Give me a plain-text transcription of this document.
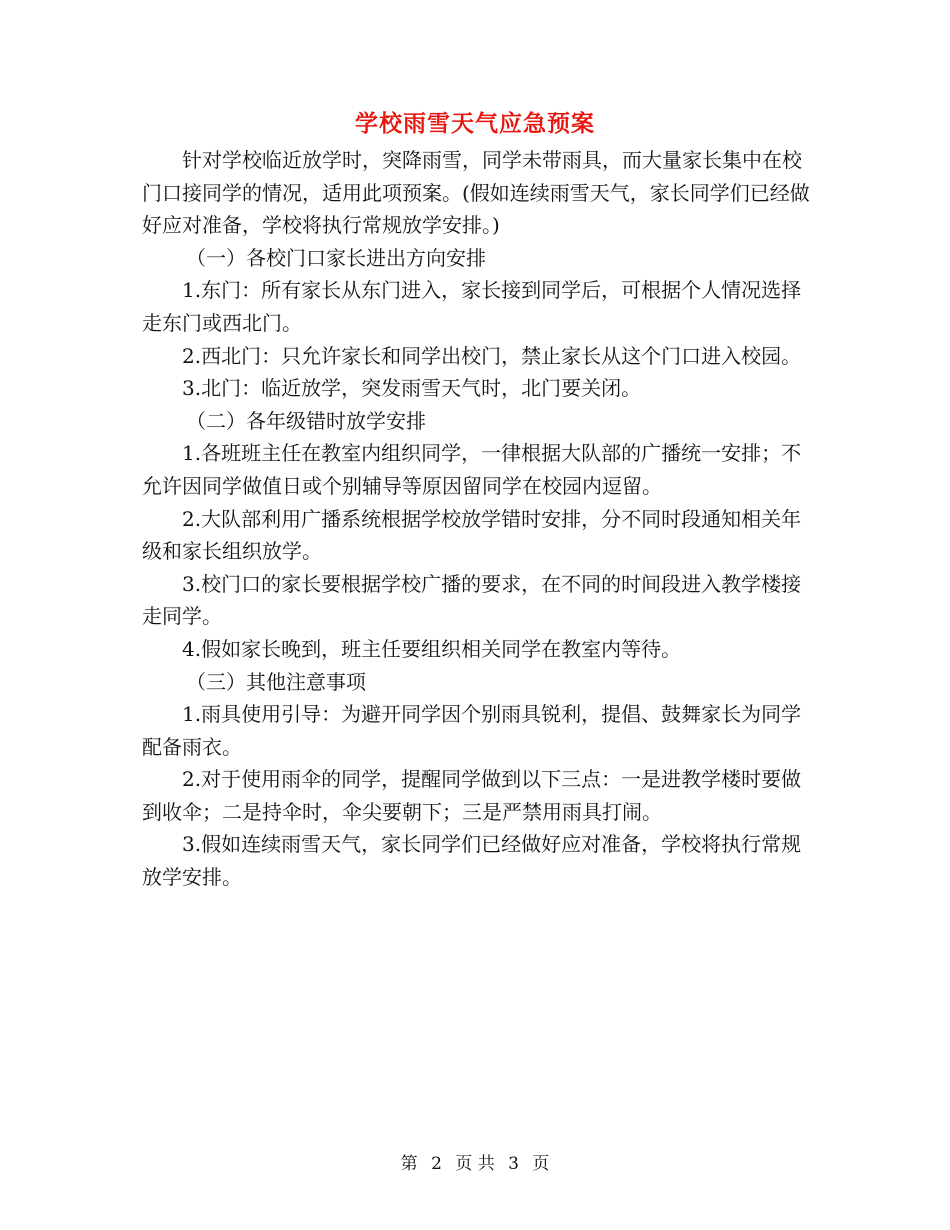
学校雨雪天气应急预案

针对学校临近放学时，突降雨雪，同学未带雨具，而大量家长集中在校门口接同学的情况，适用此项预案。(假如连续雨雪天气，家长同学们已经做好应对准备，学校将执行常规放学安排。)

（一）各校门口家长进出方向安排

1.东门：所有家长从东门进入，家长接到同学后，可根据个人情况选择走东门或西北门。

2.西北门：只允许家长和同学出校门，禁止家长从这个门口进入校园。

3.北门：临近放学，突发雨雪天气时，北门要关闭。

（二）各年级错时放学安排

1.各班班主任在教室内组织同学，一律根据大队部的广播统一安排；不允许因同学做值日或个别辅导等原因留同学在校园内逗留。

2.大队部利用广播系统根据学校放学错时安排，分不同时段通知相关年级和家长组织放学。

3.校门口的家长要根据学校广播的要求，在不同的时间段进入教学楼接走同学。

4.假如家长晚到，班主任要组织相关同学在教室内等待。

（三）其他注意事项

1.雨具使用引导：为避开同学因个别雨具锐利，提倡、鼓舞家长为同学配备雨衣。

2.对于使用雨伞的同学，提醒同学做到以下三点：一是进教学楼时要做到收伞；二是持伞时，伞尖要朝下；三是严禁用雨具打闹。

3.假如连续雨雪天气，家长同学们已经做好应对准备，学校将执行常规放学安排。

第 2 页 共 3 页
